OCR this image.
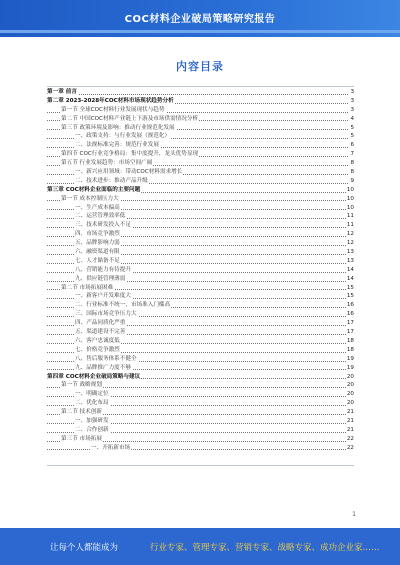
COC材料企业破局策略研究报告
内容目录
第一章 前言	3
第二章 2023-2028年COC材料市场现状趋势分析	3
第一节 全球COC材料行业发展现状与趋势	3
第二节 中国COC材料产业链上下游及市场供需情况分析	4
第三节 政策环境及影响：推动行业规范化发展	5
一、政策支持：与行业发展（规范化）	5
二、法规标准完善：规范行业发展	6
第四节 COC行业竞争格局：集中度提升，龙头优势显现	7
第五节 行业发展趋势：市场空间广阔	8
一、新兴应用领域：带动COC材料需求增长	8
二、技术进步：推动产品升级	9
第三章 COC材料企业面临的主要问题	10
第一节 成本控制压力大	10
一、生产成本偏高	10
二、运营管理效率低	11
三、技术研发投入不足	11
四、市场竞争激烈	12
五、品牌影响力弱	12
六、融资渠道有限	13
七、人才储备不足	13
八、营销能力有待提升	14
九、供应链管理薄弱	14
第二节 市场拓展困难	15
一、新客户开发难度大	15
二、行业标准不统一，市场准入门槛高	16
三、国际市场竞争压力大	16
四、产品同质化严重	17
五、渠道建设不完善	17
六、客户忠诚度低	18
七、价格竞争激烈	18
八、售后服务体系不健全	19
九、品牌推广力度不够	19
第四章 COC材料企业破局策略与建议	20
第一节 战略规划	20
一、明确定位	20
二、优化布局	20
第二节 技术创新	21
一、加强研发	21
二、合作创新	21
第三节 市场拓展	22
一、开拓新市场	22
1
让每个人都能成为	行业专家、管理专家、营销专家、战略专家、成功企业家……
